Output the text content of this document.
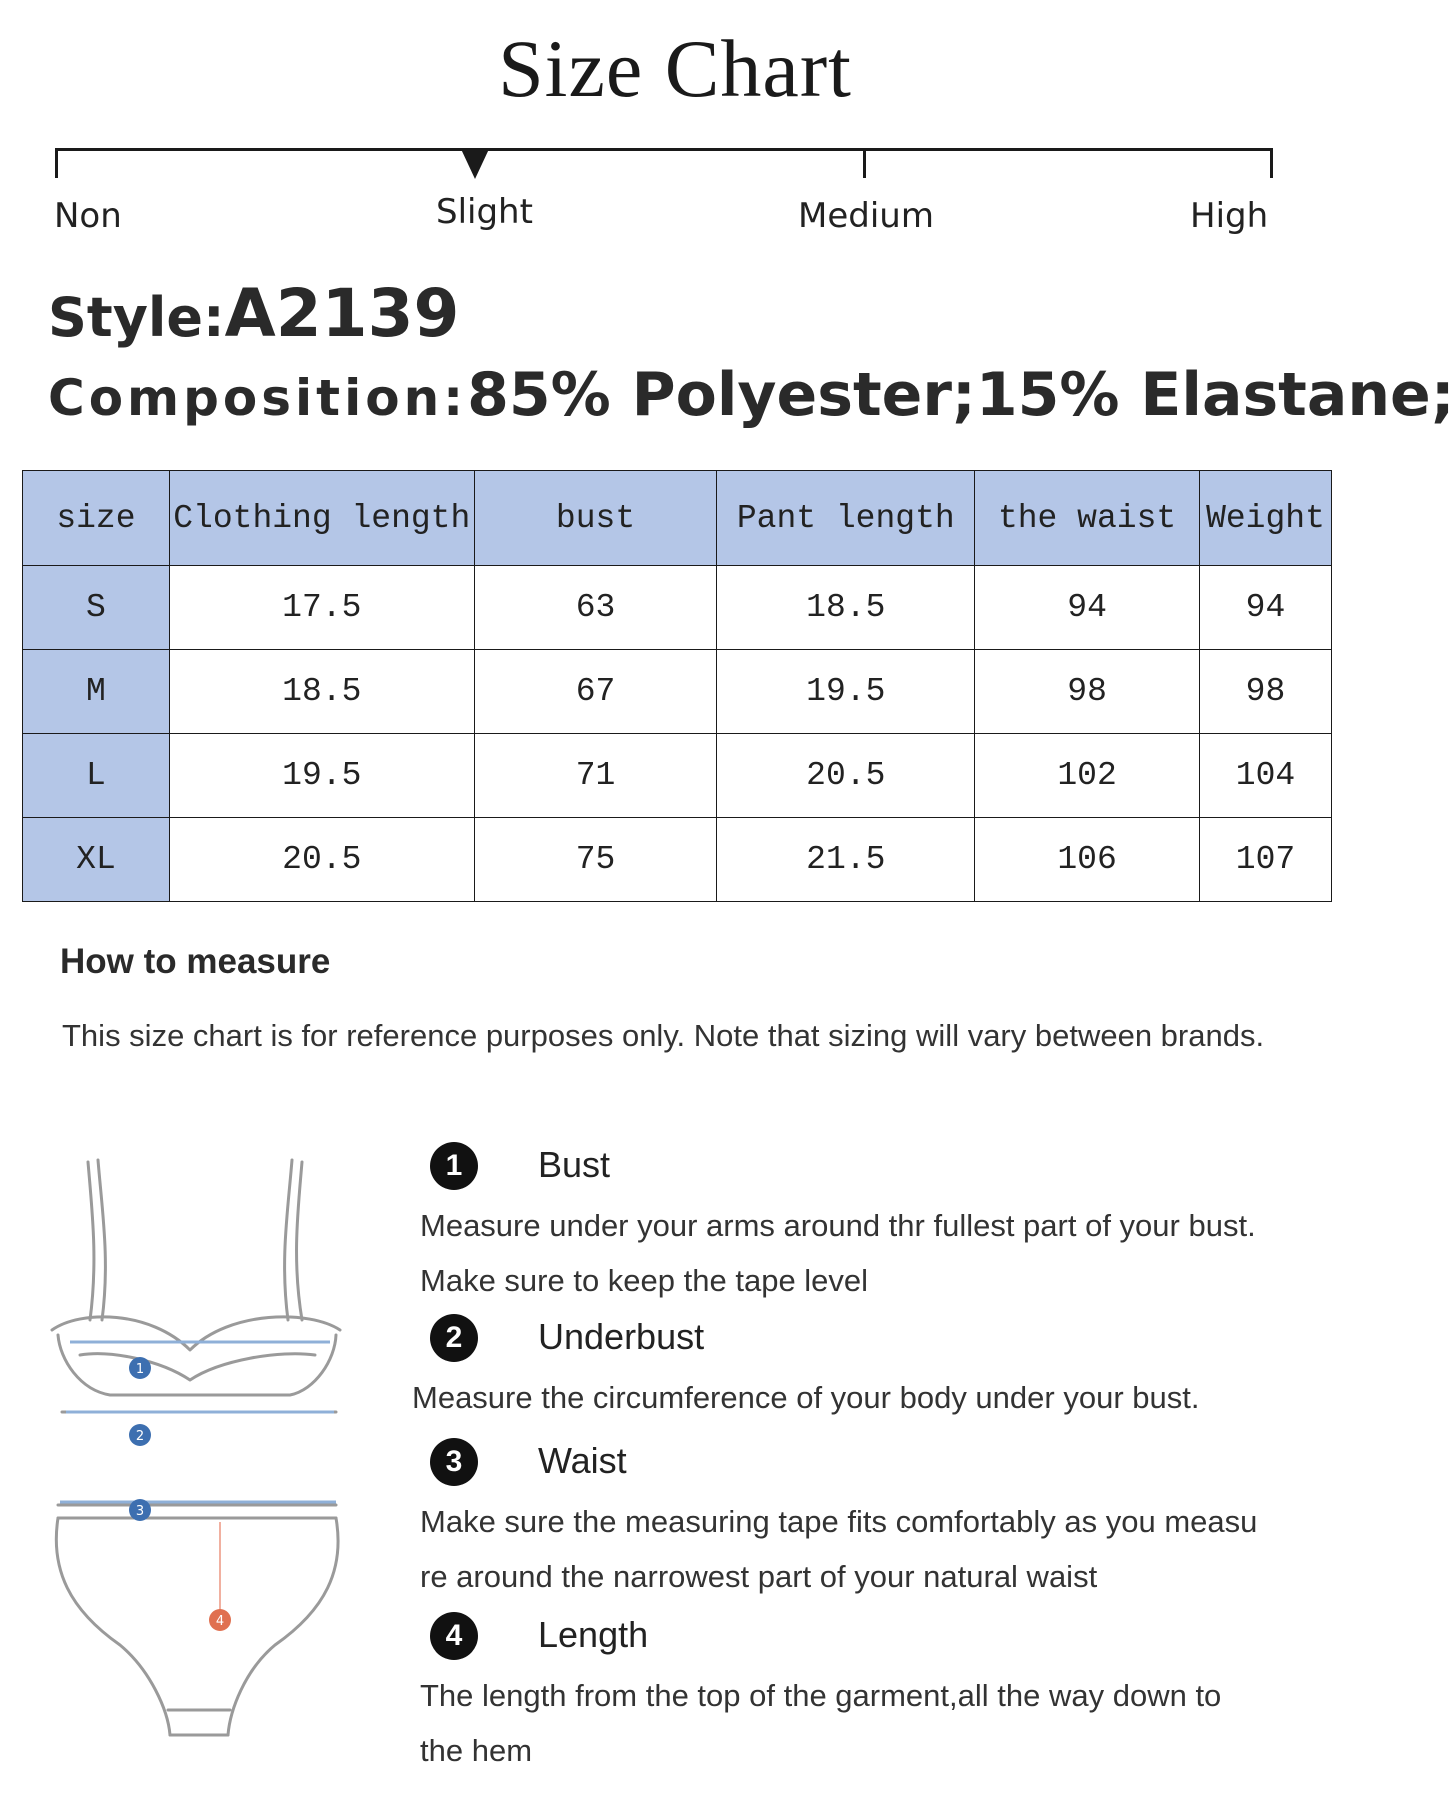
Size Chart
Non	Slight	Medium	High
Style:A2139
Composition:85% Polyester;15% Elastane;
size	Clothing length	bust	Pant length	the waist	Weight
S	17.5	63	18.5	94	94
M	18.5	67	19.5	98	98
L	19.5	71	20.5	102	104
XL	20.5	75	21.5	106	107
How to measure
This size chart is for reference purposes only. Note that sizing will vary between brands.
1
2
3
4
1	Bust
Measure under your arms around thr fullest part of your bust.
Make sure to keep the tape level
2	Underbust
Measure the circumference of your body under your bust.
3	Waist
Make sure the measuring tape fits comfortably as you measu
re around the narrowest part of your natural waist
4	Length
The length from the top of the garment,all the way down to
the hem
